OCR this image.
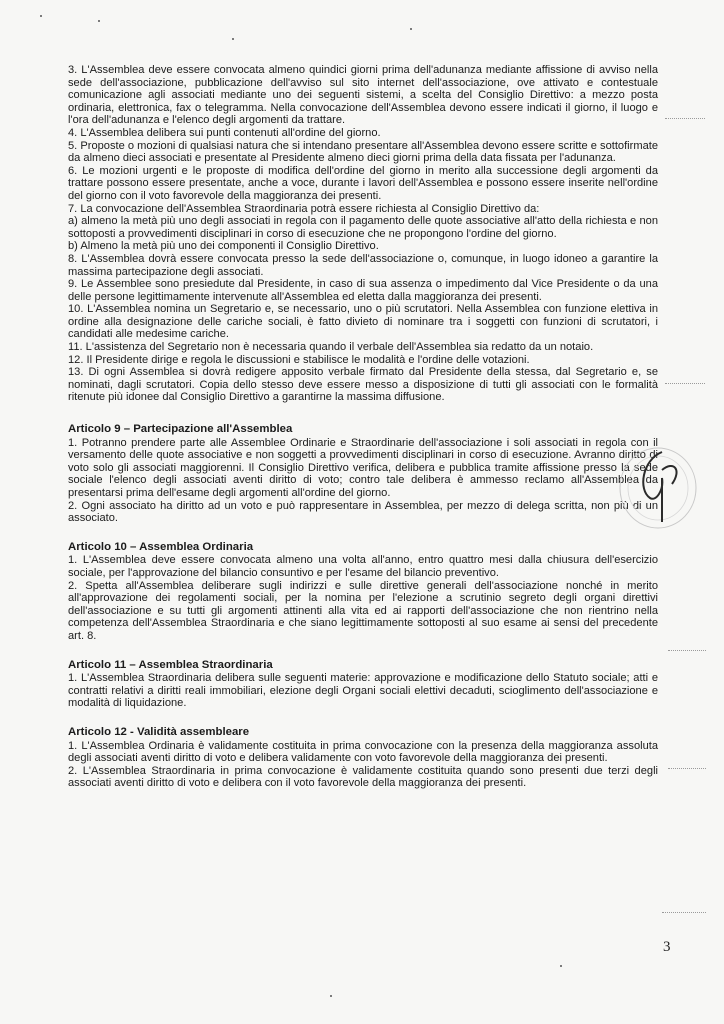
3. L'Assemblea deve essere convocata almeno quindici giorni prima dell'adunanza mediante affissione di avviso nella sede dell'associazione, pubblicazione dell'avviso sul sito internet dell'associazione, ove attivato e contestuale comunicazione agli associati mediante uno dei seguenti sistemi, a scelta del Consiglio Direttivo: a mezzo posta ordinaria, elettronica, fax o telegramma. Nella convocazione dell'Assemblea devono essere indicati il giorno, il luogo e l'ora dell'adunanza e l'elenco degli argomenti da trattare.

4. L'Assemblea delibera sui punti contenuti all'ordine del giorno.

5. Proposte o mozioni di qualsiasi natura che si intendano presentare all'Assemblea devono essere scritte e sottofirmate da almeno dieci associati e presentate al Presidente almeno dieci giorni prima della data fissata per l'adunanza.

6. Le mozioni urgenti e le proposte di modifica dell'ordine del giorno in merito alla successione degli argomenti da trattare possono essere presentate, anche a voce, durante i lavori dell'Assemblea e possono essere inserite nell'ordine del giorno con il voto favorevole della maggioranza dei presenti.

7. La convocazione dell'Assemblea Straordinaria potrà essere richiesta al Consiglio Direttivo da:

a) almeno la metà più uno degli associati in regola con il pagamento delle quote associative all'atto della richiesta e non sottoposti a provvedimenti disciplinari in corso di esecuzione che ne propongono l'ordine del giorno.

b) Almeno la metà più uno dei componenti il Consiglio Direttivo.

8. L'Assemblea dovrà essere convocata presso la sede dell'associazione o, comunque, in luogo idoneo a garantire la massima partecipazione degli associati.

9. Le Assemblee sono presiedute dal Presidente, in caso di sua assenza o impedimento dal Vice Presidente o da una delle persone legittimamente intervenute all'Assemblea ed eletta dalla maggioranza dei presenti.

10. L'Assemblea nomina un Segretario e, se necessario, uno o più scrutatori. Nella Assemblea con funzione elettiva in ordine alla designazione delle cariche sociali, è fatto divieto di nominare tra i soggetti con funzioni di scrutatori, i candidati alle medesime cariche.

11. L'assistenza del Segretario non è necessaria quando il verbale dell'Assemblea sia redatto da un notaio.

12. Il Presidente dirige e regola le discussioni e stabilisce le modalità e l'ordine delle votazioni.

13. Di ogni Assemblea si dovrà redigere apposito verbale firmato dal Presidente della stessa, dal Segretario e, se nominati, dagli scrutatori. Copia dello stesso deve essere messo a disposizione di tutti gli associati con le formalità ritenute più idonee dal Consiglio Direttivo a garantirne la massima diffusione.

Articolo 9 – Partecipazione all'Assemblea

1. Potranno prendere parte alle Assemblee Ordinarie e Straordinarie dell'associazione i soli associati in regola con il versamento delle quote associative e non soggetti a provvedimenti disciplinari in corso di esecuzione. Avranno diritto di voto solo gli associati maggiorenni. Il Consiglio Direttivo verifica, delibera e pubblica tramite affissione presso la sede sociale l'elenco degli associati aventi diritto di voto; contro tale delibera è ammesso reclamo all'Assemblea da presentarsi prima dell'esame degli argomenti all'ordine del giorno.

2. Ogni associato ha diritto ad un voto e può rappresentare in Assemblea, per mezzo di delega scritta, non più di un associato.

Articolo 10 – Assemblea Ordinaria

1. L'Assemblea deve essere convocata almeno una volta all'anno, entro quattro mesi dalla chiusura dell'esercizio sociale, per l'approvazione del bilancio consuntivo e per l'esame del bilancio preventivo.

2. Spetta all'Assemblea deliberare sugli indirizzi e sulle direttive generali dell'associazione nonché in merito all'approvazione dei regolamenti sociali, per la nomina per l'elezione a scrutinio segreto degli organi direttivi dell'associazione e su tutti gli argomenti attinenti alla vita ed ai rapporti dell'associazione che non rientrino nella competenza dell'Assemblea Straordinaria e che siano legittimamente sottoposti al suo esame ai sensi del precedente art. 8.

Articolo 11 – Assemblea Straordinaria

1. L'Assemblea Straordinaria delibera sulle seguenti materie: approvazione e modificazione dello Statuto sociale; atti e contratti relativi a diritti reali immobiliari, elezione degli Organi sociali elettivi decaduti, scioglimento dell'associazione e modalità di liquidazione.

Articolo 12 - Validità assembleare

1. L'Assemblea Ordinaria è validamente costituita in prima convocazione con la presenza della maggioranza assoluta degli associati aventi diritto di voto e delibera validamente con voto favorevole della maggioranza dei presenti.

2. L'Assemblea Straordinaria in prima convocazione è validamente costituita quando sono presenti due terzi degli associati aventi diritto di voto e delibera con il voto favorevole della maggioranza dei presenti.

3
